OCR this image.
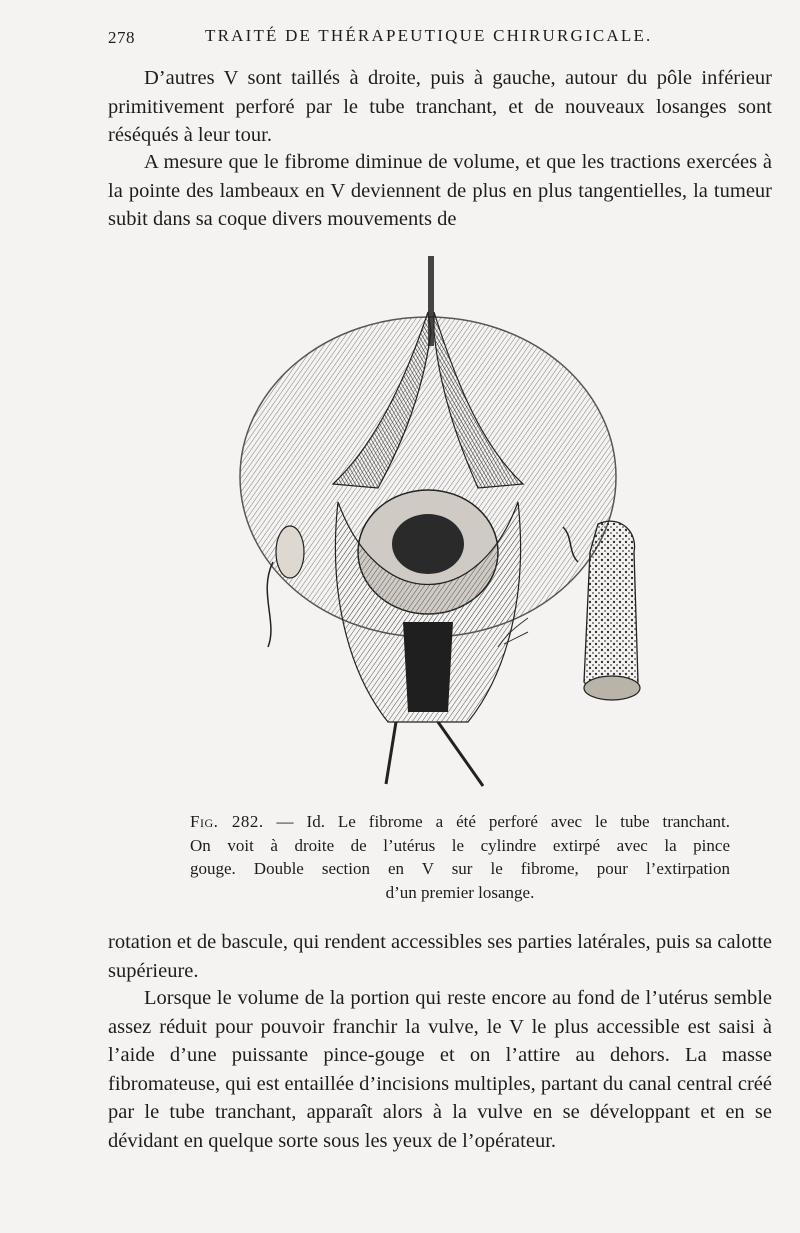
278	TRAITÉ DE THÉRAPEUTIQUE CHIRURGICALE.

D’autres V sont taillés à droite, puis à gauche, autour du pôle inférieur primitivement perforé par le tube tranchant, et de nouveaux losanges sont réséqués à leur tour.

A mesure que le fibrome diminue de volume, et que les tractions exercées à la pointe des lambeaux en V deviennent de plus en plus tangentielles, la tumeur subit dans sa coque divers mouvements de

Fig. 282. — Id. Le fibrome a été perforé avec le tube tranchant.
On voit à droite de l’utérus le cylindre extirpé avec la pince
gouge. Double section en V sur le fibrome, pour l’extirpation
d’un premier losange.

rotation et de bascule, qui rendent accessibles ses parties latérales, puis sa calotte supérieure.

Lorsque le volume de la portion qui reste encore au fond de l’utérus semble assez réduit pour pouvoir franchir la vulve, le V le plus accessible est saisi à l’aide d’une puissante pince-gouge et on l’attire au dehors. La masse fibromateuse, qui est entaillée d’incisions multiples, partant du canal central créé par le tube tranchant, apparaît alors à la vulve en se développant et en se dévidant en quelque sorte sous les yeux de l’opérateur.
